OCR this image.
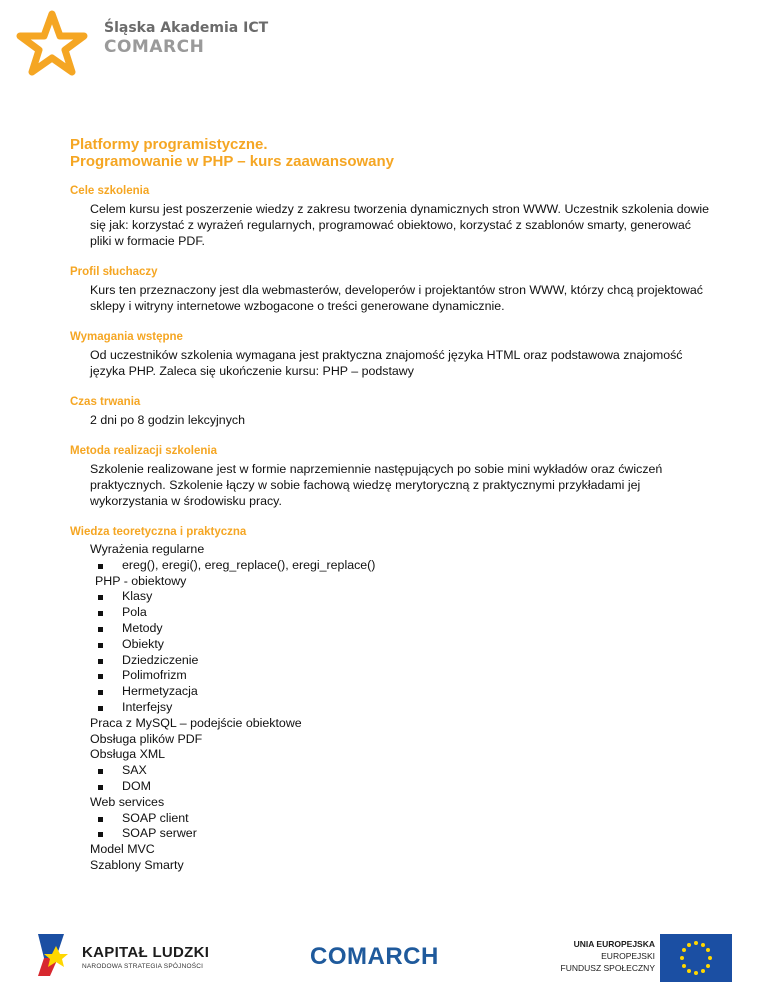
Śląska Akademia ICT
COMARCH
Platformy programistyczne.
Programowanie w PHP – kurs zaawansowany
Cele szkolenia
Celem kursu jest poszerzenie wiedzy z zakresu tworzenia dynamicznych stron WWW. Uczestnik szkolenia dowie się jak: korzystać z wyrażeń regularnych, programować obiektowo, korzystać z szablonów smarty, generować pliki w formacie PDF.
Profil słuchaczy
Kurs ten przeznaczony jest dla webmasterów, developerów i projektantów stron WWW, którzy chcą projektować sklepy i witryny internetowe wzbogacone o treści generowane dynamicznie.
Wymagania wstępne
Od uczestników szkolenia wymagana jest praktyczna znajomość języka HTML oraz podstawowa znajomość języka PHP. Zaleca się ukończenie kursu: PHP – podstawy
Czas trwania
2 dni po 8 godzin lekcyjnych
Metoda realizacji szkolenia
Szkolenie realizowane jest w formie naprzemiennie następujących po sobie mini wykładów oraz ćwiczeń praktycznych. Szkolenie łączy w sobie fachową wiedzę merytoryczną z praktycznymi przykładami jej wykorzystania w środowisku pracy.
Wiedza teoretyczna i praktyczna
Wyrażenia regularne
ereg(), eregi(), ereg_replace(), eregi_replace()
PHP - obiektowy
Klasy
Pola
Metody
Obiekty
Dziedziczenie
Polimofrizm
Hermetyzacja
Interfejsy
Praca z MySQL – podejście obiektowe
Obsługa plików PDF
Obsługa XML
SAX
DOM
Web services
SOAP client
SOAP serwer
Model MVC
Szablony Smarty
KAPITAŁ LUDZKI
NARODOWA STRATEGIA SPÓJNOŚCI	COMARCH	UNIA EUROPEJSKA
EUROPEJSKI
FUNDUSZ SPOŁECZNY
